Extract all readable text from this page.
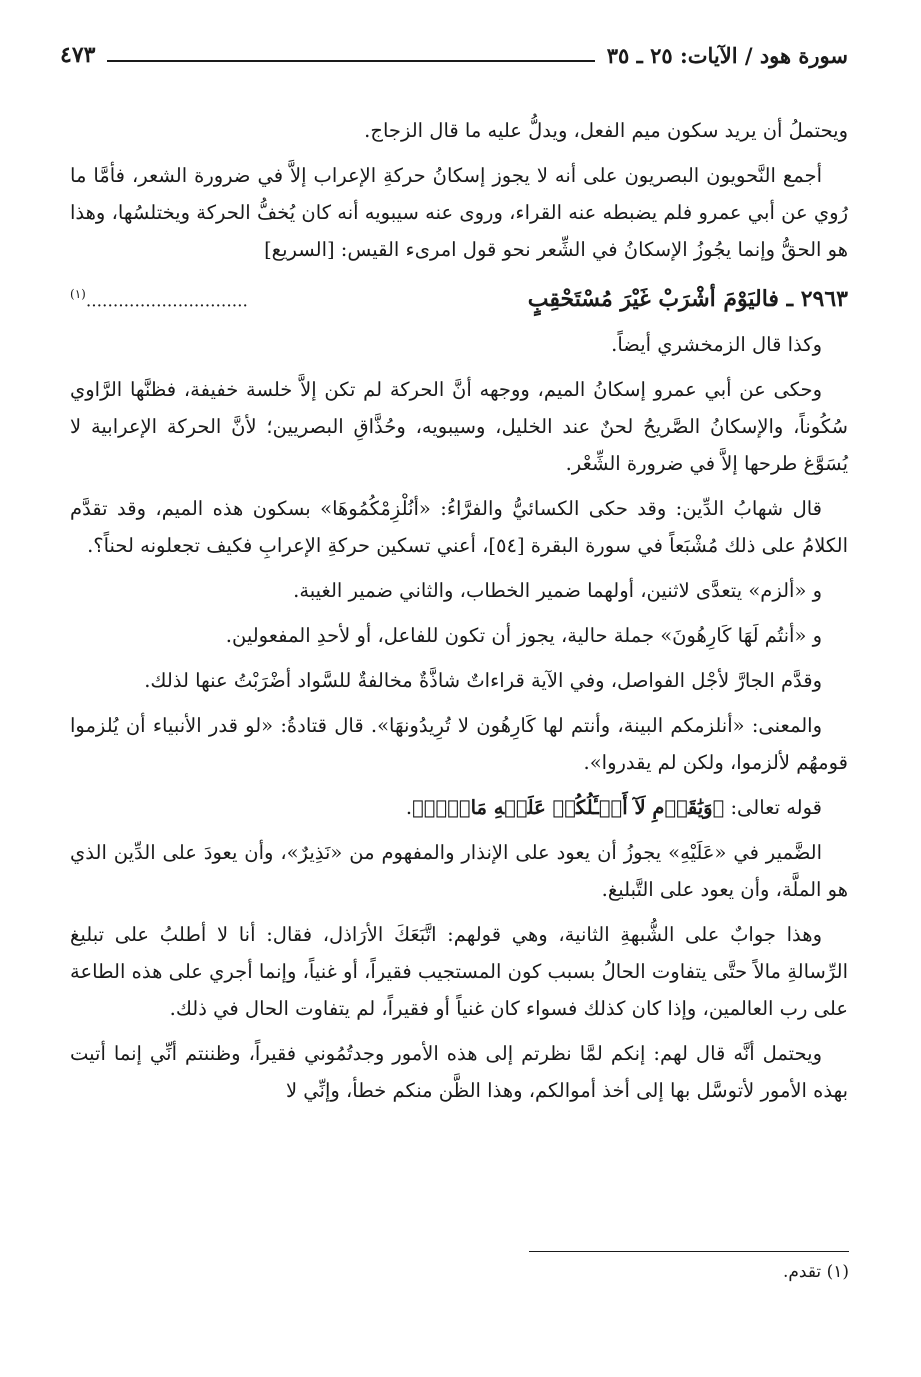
سورة هود / الآيات: ٢٥ ـ ٣٥
٤٧٣

ويحتملُ أن يريد سكون ميم الفعل، ويدلُّ عليه ما قال الزجاج.

أجمع النَّحويون البصريون على أنه لا يجوز إسكانُ حركةِ الإعراب إلاَّ في ضرورة الشعر، فأمَّا ما رُوي عن أبي عمرو فلم يضبطه عنه القراء، وروى عنه سيبويه أنه كان يُخفُّ الحركة ويختلسُها، وهذا هو الحقُّ وإنما يجُوزُ الإسكانُ في الشِّعر نحو قول امرىء القيس: [السريع]

٢٩٦٣ ـ فاليَوْمَ أشْرَبْ غَيْرَ مُسْتَحْقِبٍ
..............................$^{(١)}$

وكذا قال الزمخشري أيضاً.

وحكى عن أبي عمرو إسكانُ الميم، ووجهه أنَّ الحركة لم تكن إلاَّ خلسة خفيفة، فظنَّها الرَّاوي سُكُوناً، والإسكانُ الصَّريحُ لحنٌ عند الخليل، وسيبويه، وحُذَّاقِ البصريين؛ لأنَّ الحركة الإعرابية لا يُسَوَّغ طرحها إلاَّ في ضرورة الشِّعْر.

قال شهابُ الدِّين: وقد حكى الكسائيُّ والفرَّاءُ: «أنُلْزِمْكُمُوهَا» بسكون هذه الميم، وقد تقدَّم الكلامُ على ذلك مُشْبَعاً في سورة البقرة [٥٤]، أعني تسكين حركةِ الإعرابِ فكيف تجعلونه لحناً؟.

و «ألزم» يتعدَّى لاثنين، أولهما ضمير الخطاب، والثاني ضمير الغيبة.

و «أنتُم لَهَا كَارِهُونَ» جملة حالية، يجوز أن تكون للفاعل، أو لأحدِ المفعولين.

وقدَّم الجارَّ لأجْل الفواصل، وفي الآية قراءاتٌ شاذَّةٌ مخالفةٌ للسَّواد أضْرَبْتُ عنها لذلك.

والمعنى: «أنلزمكم البينة، وأنتم لها كَارِهُون لا تُرِيدُونهَا». قال قتادةُ: «لو قدر الأنبياء أن يُلزموا قومهُم لألزموا، ولكن لم يقدروا».

قوله تعالى: ﴿وَيَٰقَوۡمِ لَآ أَسۡـَٔلُكُمۡ عَلَيۡهِ مَالًاۖ﴾.

الضَّمير في «عَلَيْهِ» يجوزُ أن يعود على الإنذار والمفهوم من «نَذِيرٌ»، وأن يعودَ على الدِّين الذي هو الملَّة، وأن يعود على التَّبليغ.

وهذا جوابٌ على الشُّبهةِ الثانية، وهي قولهم: اتَّبَعَكَ الأرَاذل، فقال: أنا لا أطلبُ على تبليغ الرِّسالةِ مالاً حتَّى يتفاوت الحالُ بسبب كون المستجيب فقيراً، أو غنياً، وإنما أجري على هذه الطاعة على رب العالمين، وإذا كان كذلك فسواء كان غنياً أو فقيراً، لم يتفاوت الحال في ذلك.

ويحتمل أنَّه قال لهم: إنكم لمَّا نظرتم إلى هذه الأمور وجدتُمُوني فقيراً، وظننتم أنِّي إنما أتيت بهذه الأمور لأتوسَّل بها إلى أخذ أموالكم، وهذا الظَّن منكم خطأ، وإنِّي لا

(١) تقدم.
